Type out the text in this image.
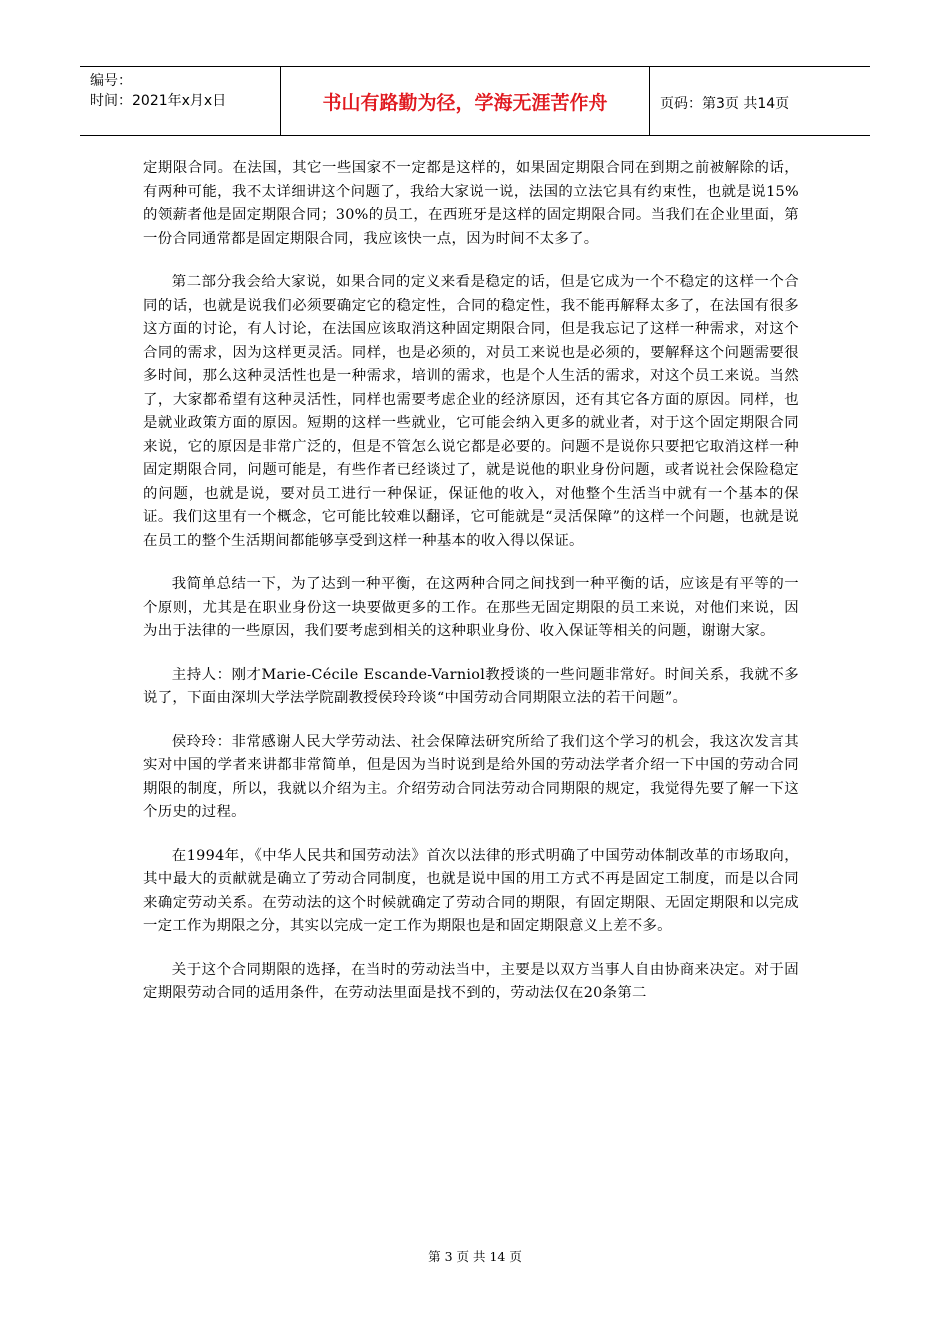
编号：
时间：2021年x月x日	书山有路勤为径，学海无涯苦作舟	页码：第3页 共14页

定期限合同。在法国，其它一些国家不一定都是这样的，如果固定期限合同在到期之前被解除的话，有两种可能，我不太详细讲这个问题了，我给大家说一说，法国的立法它具有约束性，也就是说15%的领薪者他是固定期限合同；30%的员工，在西班牙是这样的固定期限合同。当我们在企业里面，第一份合同通常都是固定期限合同，我应该快一点，因为时间不太多了。

第二部分我会给大家说，如果合同的定义来看是稳定的话，但是它成为一个不稳定的这样一个合同的话，也就是说我们必须要确定它的稳定性，合同的稳定性，我不能再解释太多了，在法国有很多这方面的讨论，有人讨论，在法国应该取消这种固定期限合同，但是我忘记了这样一种需求，对这个合同的需求，因为这样更灵活。同样，也是必须的，对员工来说也是必须的，要解释这个问题需要很多时间，那么这种灵活性也是一种需求，培训的需求，也是个人生活的需求，对这个员工来说。当然了，大家都希望有这种灵活性，同样也需要考虑企业的经济原因，还有其它各方面的原因。同样，也是就业政策方面的原因。短期的这样一些就业，它可能会纳入更多的就业者，对于这个固定期限合同来说，它的原因是非常广泛的，但是不管怎么说它都是必要的。问题不是说你只要把它取消这样一种固定期限合同，问题可能是，有些作者已经谈过了，就是说他的职业身份问题，或者说社会保险稳定的问题，也就是说，要对员工进行一种保证，保证他的收入，对他整个生活当中就有一个基本的保证。我们这里有一个概念，它可能比较难以翻译，它可能就是“灵活保障”的这样一个问题，也就是说在员工的整个生活期间都能够享受到这样一种基本的收入得以保证。

我简单总结一下，为了达到一种平衡，在这两种合同之间找到一种平衡的话，应该是有平等的一个原则，尤其是在职业身份这一块要做更多的工作。在那些无固定期限的员工来说，对他们来说，因为出于法律的一些原因，我们要考虑到相关的这种职业身份、收入保证等相关的问题，谢谢大家。

主持人：刚才Marie-Cécile Escande-Varniol教授谈的一些问题非常好。时间关系，我就不多说了，下面由深圳大学法学院副教授侯玲玲谈“中国劳动合同期限立法的若干问题”。

侯玲玲：非常感谢人民大学劳动法、社会保障法研究所给了我们这个学习的机会，我这次发言其实对中国的学者来讲都非常简单，但是因为当时说到是给外国的劳动法学者介绍一下中国的劳动合同期限的制度，所以，我就以介绍为主。介绍劳动合同法劳动合同期限的规定，我觉得先要了解一下这个历史的过程。

在1994年，《中华人民共和国劳动法》首次以法律的形式明确了中国劳动体制改革的市场取向，其中最大的贡献就是确立了劳动合同制度，也就是说中国的用工方式不再是固定工制度，而是以合同来确定劳动关系。在劳动法的这个时候就确定了劳动合同的期限，有固定期限、无固定期限和以完成一定工作为期限之分，其实以完成一定工作为期限也是和固定期限意义上差不多。

关于这个合同期限的选择，在当时的劳动法当中，主要是以双方当事人自由协商来决定。对于固定期限劳动合同的适用条件，在劳动法里面是找不到的，劳动法仅在20条第二

第 3 页 共 14 页
